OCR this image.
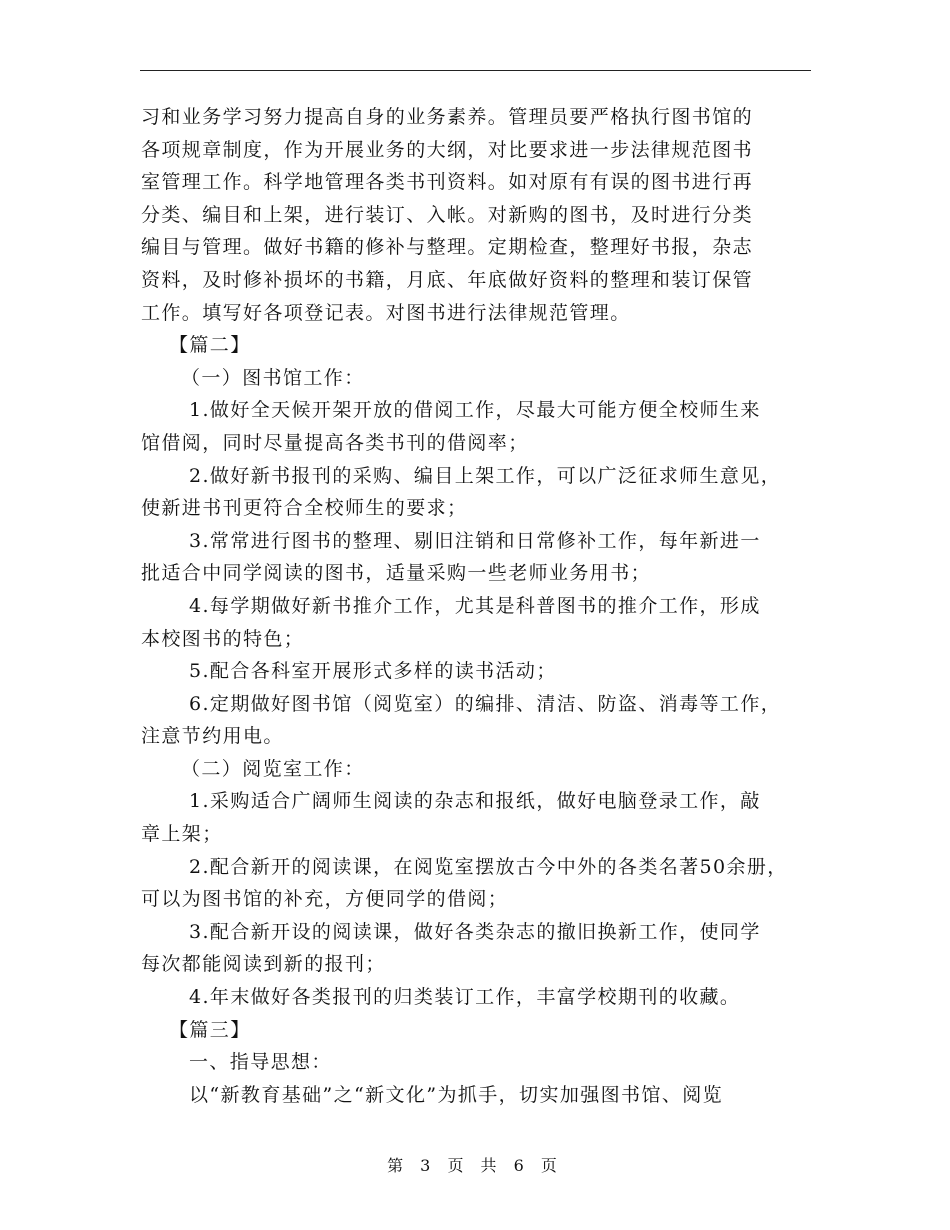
习和业务学习努力提高自身的业务素养。管理员要严格执行图书馆的
各项规章制度，作为开展业务的大纲，对比要求进一步法律规范图书
室管理工作。科学地管理各类书刊资料。如对原有有误的图书进行再
分类、编目和上架，进行装订、入帐。对新购的图书，及时进行分类
编目与管理。做好书籍的修补与整理。定期检查，整理好书报，杂志
资料，及时修补损坏的书籍，月底、年底做好资料的整理和装订保管
工作。填写好各项登记表。对图书进行法律规范管理。
【篇二】
（一）图书馆工作：
1.做好全天候开架开放的借阅工作，尽最大可能方便全校师生来
馆借阅，同时尽量提高各类书刊的借阅率；
2.做好新书报刊的采购、编目上架工作，可以广泛征求师生意见，
使新进书刊更符合全校师生的要求；
3.常常进行图书的整理、剔旧注销和日常修补工作，每年新进一
批适合中同学阅读的图书，适量采购一些老师业务用书；
4.每学期做好新书推介工作，尤其是科普图书的推介工作，形成
本校图书的特色；
5.配合各科室开展形式多样的读书活动；
6.定期做好图书馆（阅览室）的编排、清洁、防盗、消毒等工作，
注意节约用电。
（二）阅览室工作：
1.采购适合广阔师生阅读的杂志和报纸，做好电脑登录工作，敲
章上架；
2.配合新开的阅读课，在阅览室摆放古今中外的各类名著50余册，
可以为图书馆的补充，方便同学的借阅；
3.配合新开设的阅读课，做好各类杂志的撤旧换新工作，使同学
每次都能阅读到新的报刊；
4.年末做好各类报刊的归类装订工作，丰富学校期刊的收藏。
【篇三】
一、指导思想：
以“新教育基础”之“新文化”为抓手，切实加强图书馆、阅览
第 3 页 共 6 页
